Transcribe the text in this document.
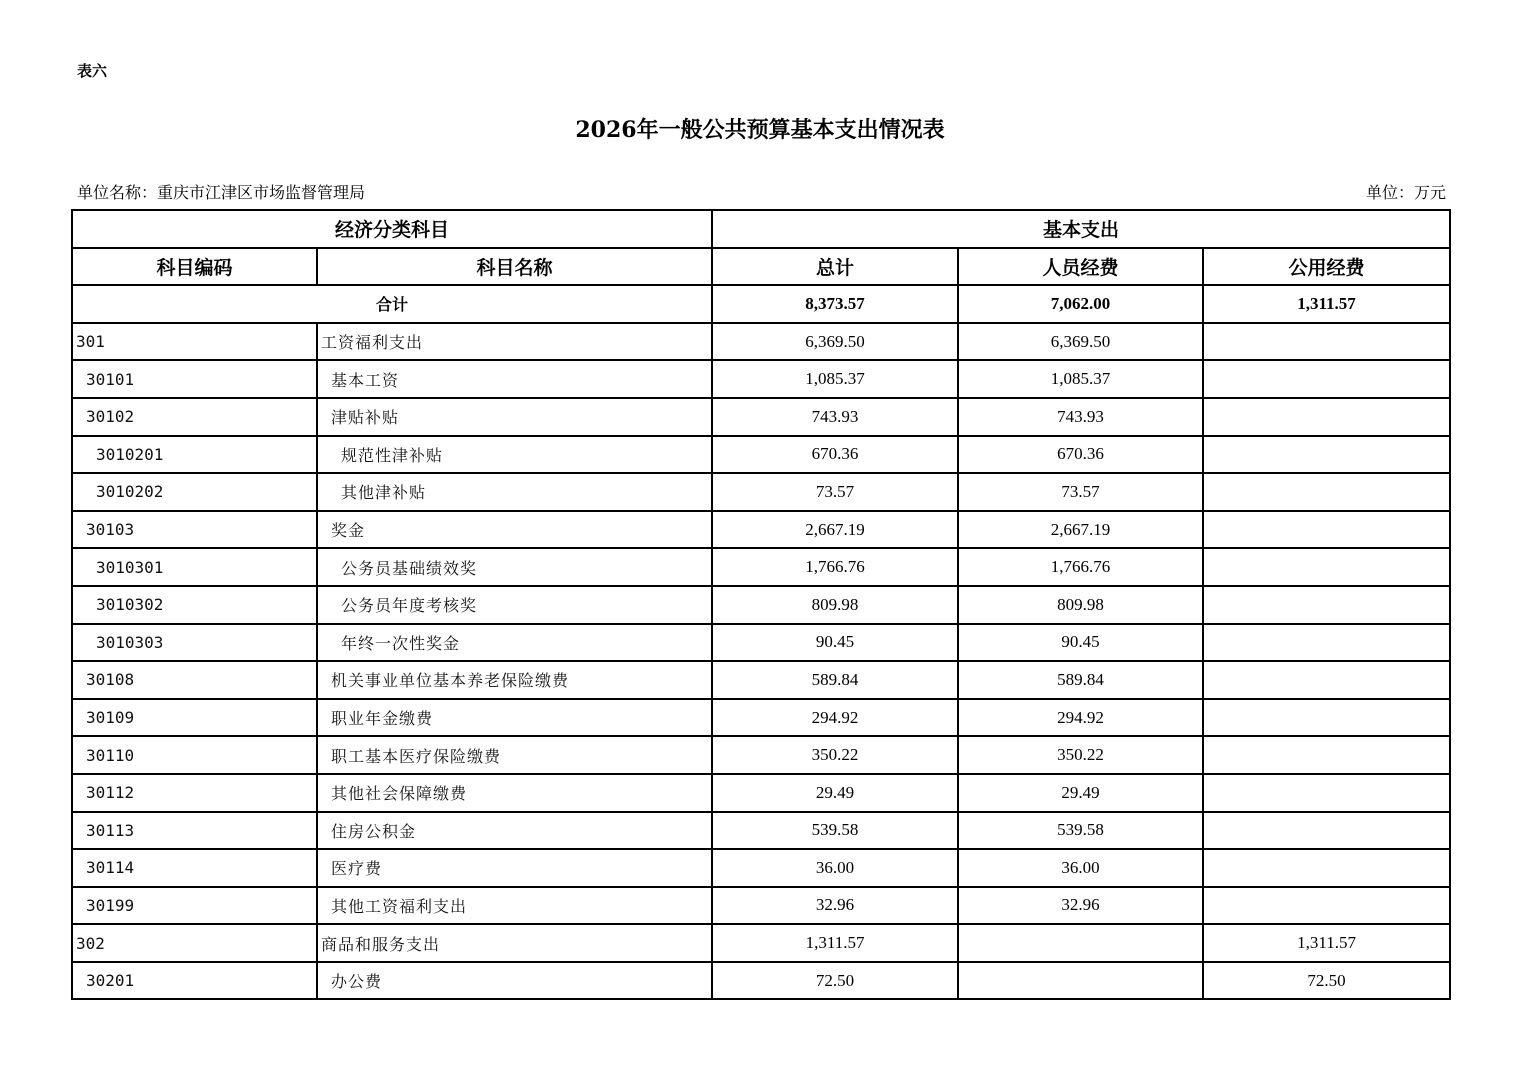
表六
2026年一般公共预算基本支出情况表
单位名称：重庆市江津区市场监督管理局	单位：万元
经济分类科目		基本支出		
科目编码	科目名称	总计	人员经费	公用经费
合计		8,373.57	7,062.00	1,311.57
301	工资福利支出	6,369.50	6,369.50	
30101	基本工资	1,085.37	1,085.37	
30102	津贴补贴	743.93	743.93	
3010201	规范性津补贴	670.36	670.36	
3010202	其他津补贴	73.57	73.57	
30103	奖金	2,667.19	2,667.19	
3010301	公务员基础绩效奖	1,766.76	1,766.76	
3010302	公务员年度考核奖	809.98	809.98	
3010303	年终一次性奖金	90.45	90.45	
30108	机关事业单位基本养老保险缴费	589.84	589.84	
30109	职业年金缴费	294.92	294.92	
30110	职工基本医疗保险缴费	350.22	350.22	
30112	其他社会保障缴费	29.49	29.49	
30113	住房公积金	539.58	539.58	
30114	医疗费	36.00	36.00	
30199	其他工资福利支出	32.96	32.96	
302	商品和服务支出	1,311.57		1,311.57
30201	办公费	72.50		72.50
